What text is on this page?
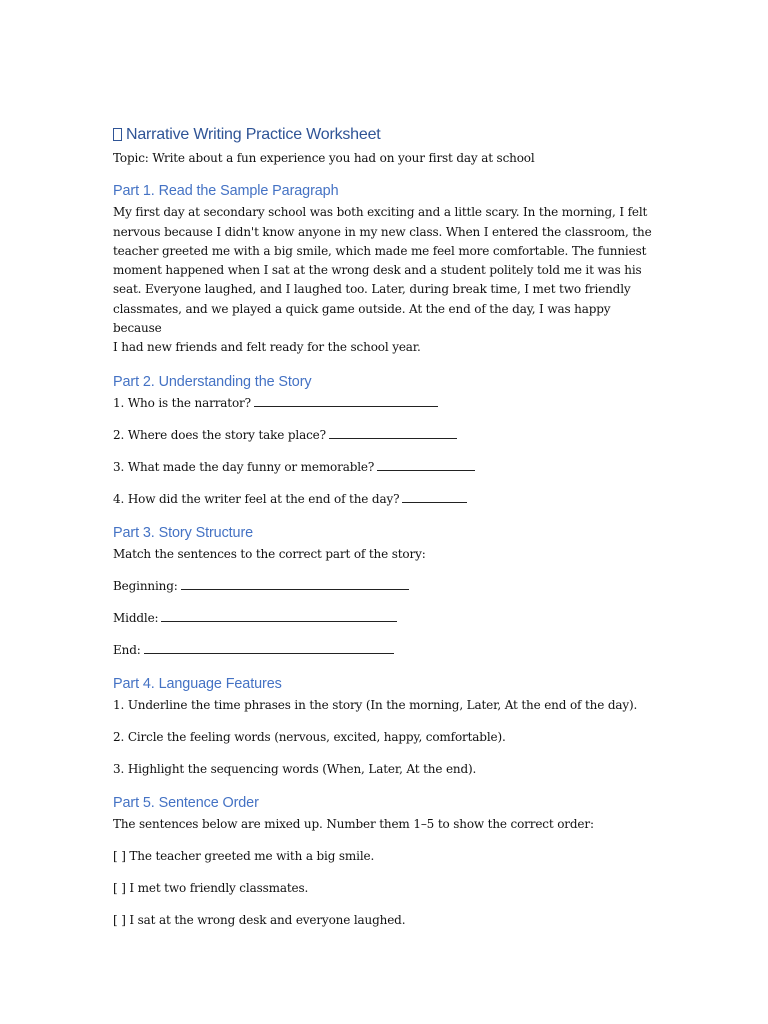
Narrative Writing Practice Worksheet

Topic: Write about a fun experience you had on your first day at school

Part 1. Read the Sample Paragraph
My first day at secondary school was both exciting and a little scary. In the morning, I felt
nervous because I didn't know anyone in my new class. When I entered the classroom, the
teacher greeted me with a big smile, which made me feel more comfortable. The funniest
moment happened when I sat at the wrong desk and a student politely told me it was his
seat. Everyone laughed, and I laughed too. Later, during break time, I met two friendly
classmates, and we played a quick game outside. At the end of the day, I was happy because
I had new friends and felt ready for the school year.
Part 2. Understanding the Story
1. Who is the narrator?
2. Where does the story take place?
3. What made the day funny or memorable?
4. How did the writer feel at the end of the day?
Part 3. Story Structure
Match the sentences to the correct part of the story:
Beginning:
Middle:
End:
Part 4. Language Features
1. Underline the time phrases in the story (In the morning, Later, At the end of the day).
2. Circle the feeling words (nervous, excited, happy, comfortable).
3. Highlight the sequencing words (When, Later, At the end).
Part 5. Sentence Order
The sentences below are mixed up. Number them 1–5 to show the correct order:
[ ] The teacher greeted me with a big smile.
[ ] I met two friendly classmates.
[ ] I sat at the wrong desk and everyone laughed.
